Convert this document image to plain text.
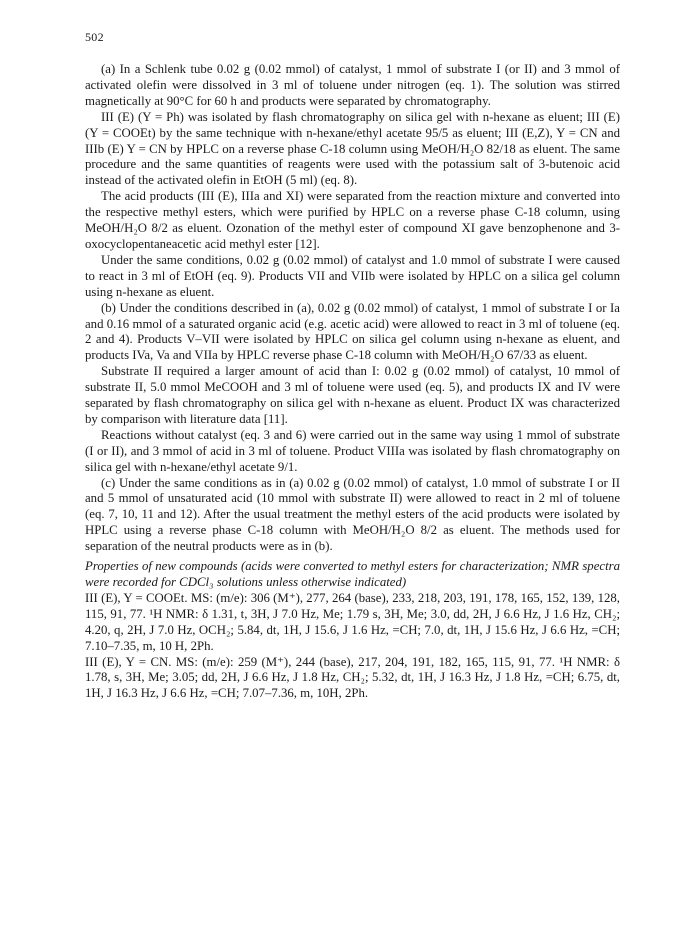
502

(a) In a Schlenk tube 0.02 g (0.02 mmol) of catalyst, 1 mmol of substrate I (or II) and 3 mmol of activated olefin were dissolved in 3 ml of toluene under nitrogen (eq. 1). The solution was stirred magnetically at 90°C for 60 h and products were separated by chromatography.

III (E) (Y = Ph) was isolated by flash chromatography on silica gel with n-hexane as eluent; III (E) (Y = COOEt) by the same technique with n-hexane/ethyl acetate 95/5 as eluent; III (E,Z), Y = CN and IIIb (E) Y = CN by HPLC on a reverse phase C-18 column using MeOH/H₂O 82/18 as eluent. The same procedure and the same quantities of reagents were used with the potassium salt of 3-butenoic acid instead of the activated olefin in EtOH (5 ml) (eq. 8).

The acid products (III (E), IIIa and XI) were separated from the reaction mixture and converted into the respective methyl esters, which were purified by HPLC on a reverse phase C-18 column, using MeOH/H₂O 8/2 as eluent. Ozonation of the methyl ester of compound XI gave benzophenone and 3-oxocyclopentaneacetic acid methyl ester [12].

Under the same conditions, 0.02 g (0.02 mmol) of catalyst and 1.0 mmol of substrate I were caused to react in 3 ml of EtOH (eq. 9). Products VII and VIIb were isolated by HPLC on a silica gel column using n-hexane as eluent.

(b) Under the conditions described in (a), 0.02 g (0.02 mmol) of catalyst, 1 mmol of substrate I or Ia and 0.16 mmol of a saturated organic acid (e.g. acetic acid) were allowed to react in 3 ml of toluene (eq. 2 and 4). Products V–VII were isolated by HPLC on silica gel column using n-hexane as eluent, and products IVa, Va and VIIa by HPLC reverse phase C-18 column with MeOH/H₂O 67/33 as eluent.

Substrate II required a larger amount of acid than I: 0.02 g (0.02 mmol) of catalyst, 10 mmol of substrate II, 5.0 mmol MeCOOH and 3 ml of toluene were used (eq. 5), and products IX and IV were separated by flash chromatography on silica gel with n-hexane as eluent. Product IX was characterized by comparison with literature data [11].

Reactions without catalyst (eq. 3 and 6) were carried out in the same way using 1 mmol of substrate (I or II), and 3 mmol of acid in 3 ml of toluene. Product VIIIa was isolated by flash chromatography on silica gel with n-hexane/ethyl acetate 9/1.

(c) Under the same conditions as in (a) 0.02 g (0.02 mmol) of catalyst, 1.0 mmol of substrate I or II and 5 mmol of unsaturated acid (10 mmol with substrate II) were allowed to react in 2 ml of toluene (eq. 7, 10, 11 and 12). After the usual treatment the methyl esters of the acid products were isolated by HPLC using a reverse phase C-18 column with MeOH/H₂O 8/2 as eluent. The methods used for separation of the neutral products were as in (b).

Properties of new compounds (acids were converted to methyl esters for characterization; NMR spectra were recorded for CDCl₃ solutions unless otherwise indicated)

III (E), Y = COOEt. MS: (m/e): 306 (M⁺), 277, 264 (base), 233, 218, 203, 191, 178, 165, 152, 139, 128, 115, 91, 77. ¹H NMR: δ 1.31, t, 3H, J 7.0 Hz, Me; 1.79 s, 3H, Me; 3.0, dd, 2H, J 6.6 Hz, J 1.6 Hz, CH₂; 4.20, q, 2H, J 7.0 Hz, OCH₂; 5.84, dt, 1H, J 15.6, J 1.6 Hz, =CH; 7.0, dt, 1H, J 15.6 Hz, J 6.6 Hz, =CH; 7.10–7.35, m, 10 H, 2Ph.

III (E), Y = CN. MS: (m/e): 259 (M⁺), 244 (base), 217, 204, 191, 182, 165, 115, 91, 77. ¹H NMR: δ 1.78, s, 3H, Me; 3.05; dd, 2H, J 6.6 Hz, J 1.8 Hz, CH₂; 5.32, dt, 1H, J 16.3 Hz, J 1.8 Hz, =CH; 6.75, dt, 1H, J 16.3 Hz, J 6.6 Hz, =CH; 7.07–7.36, m, 10H, 2Ph.
